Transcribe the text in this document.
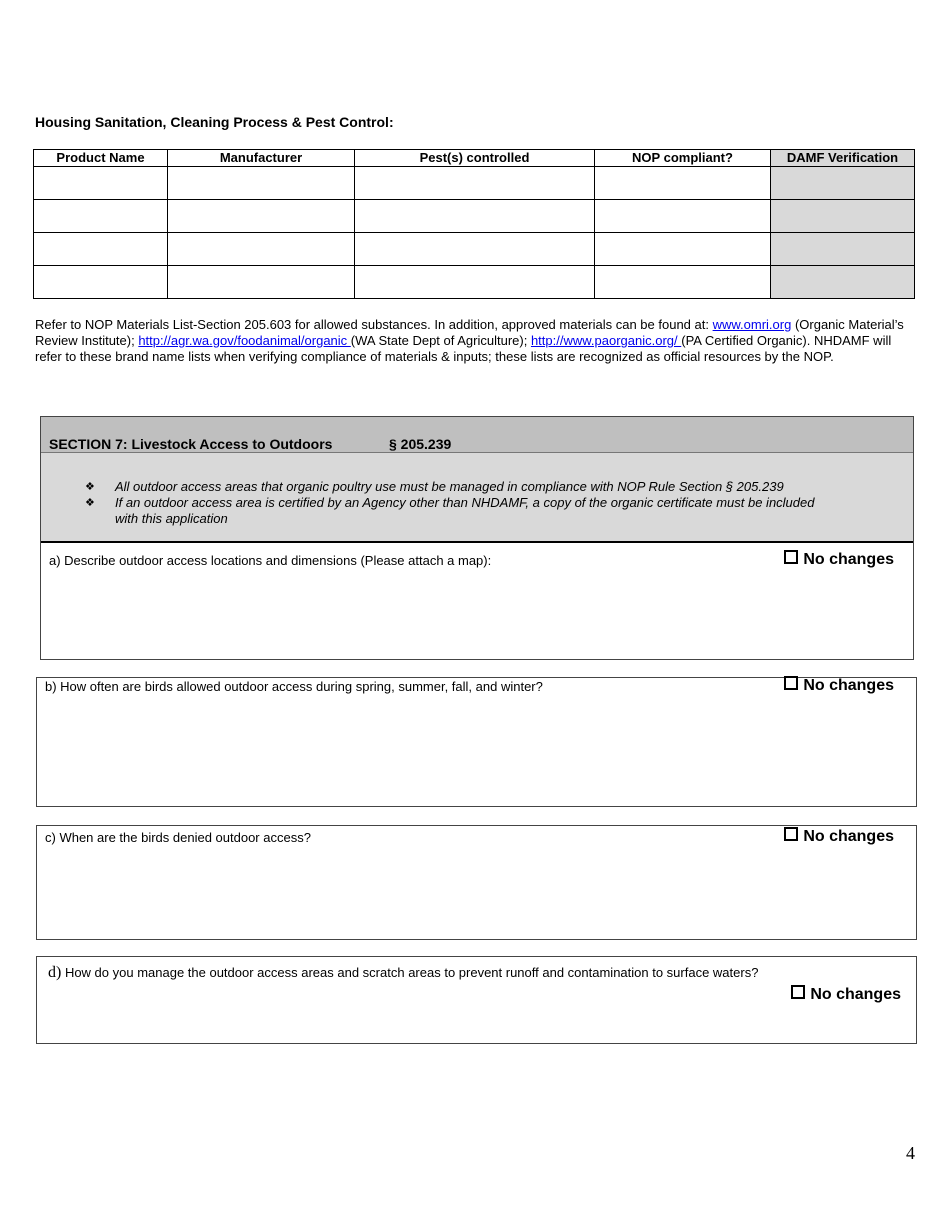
Housing Sanitation, Cleaning Process & Pest Control:
Product Name	Manufacturer	Pest(s) controlled	NOP compliant?	DAMF Verification

Refer to NOP Materials List-Section 205.603 for allowed substances. In addition, approved materials can be found at: www.omri.org (Organic Material’s Review Institute); http://agr.wa.gov/foodanimal/organic (WA State Dept of Agriculture); http://www.paorganic.org/ (PA Certified Organic). NHDAMF will refer to these brand name lists when verifying compliance of materials & inputs; these lists are recognized as official resources by the NOP.
SECTION 7: Livestock Access to Outdoors	§ 205.239
❖ All outdoor access areas that organic poultry use must be managed in compliance with NOP Rule Section § 205.239
❖ If an outdoor access area is certified by an Agency other than NHDAMF, a copy of the organic certificate must be included with this application
a) Describe outdoor access locations and dimensions (Please attach a map):	No changes
b) How often are birds allowed outdoor access during spring, summer, fall, and winter?	No changes
c) When are the birds denied outdoor access?	No changes
d) How do you manage the outdoor access areas and scratch areas to prevent runoff and contamination to surface waters?
No changes
4
